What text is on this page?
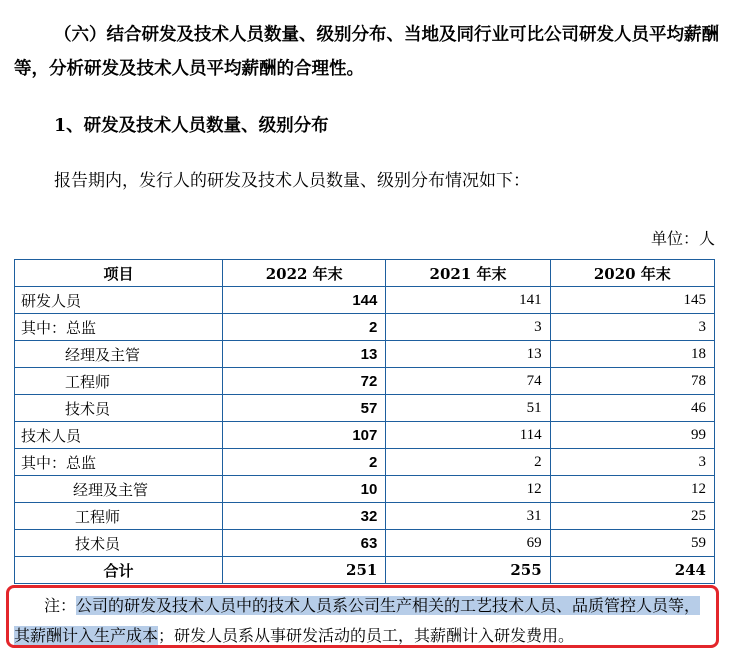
（六）结合研发及技术人员数量、级别分布、当地及同行业可比公司研发人员平均薪酬等，分析研发及技术人员平均薪酬的合理性。
1、研发及技术人员数量、级别分布
报告期内，发行人的研发及技术人员数量、级别分布情况如下：
单位：人
项目	2022 年末	2021 年末	2020 年末
研发人员	144	141	145
其中：总监	2	3	3
经理及主管	13	13	18
工程师	72	74	78
技术员	57	51	46
技术人员	107	114	99
其中：总监	2	2	3
经理及主管	10	12	12
工程师	32	31	25
技术员	63	69	59
合计	251	255	244
注：公司的研发及技术人员中的技术人员系公司生产相关的工艺技术人员、品质管控人员等，其薪酬计入生产成本；研发人员系从事研发活动的员工，其薪酬计入研发费用。
